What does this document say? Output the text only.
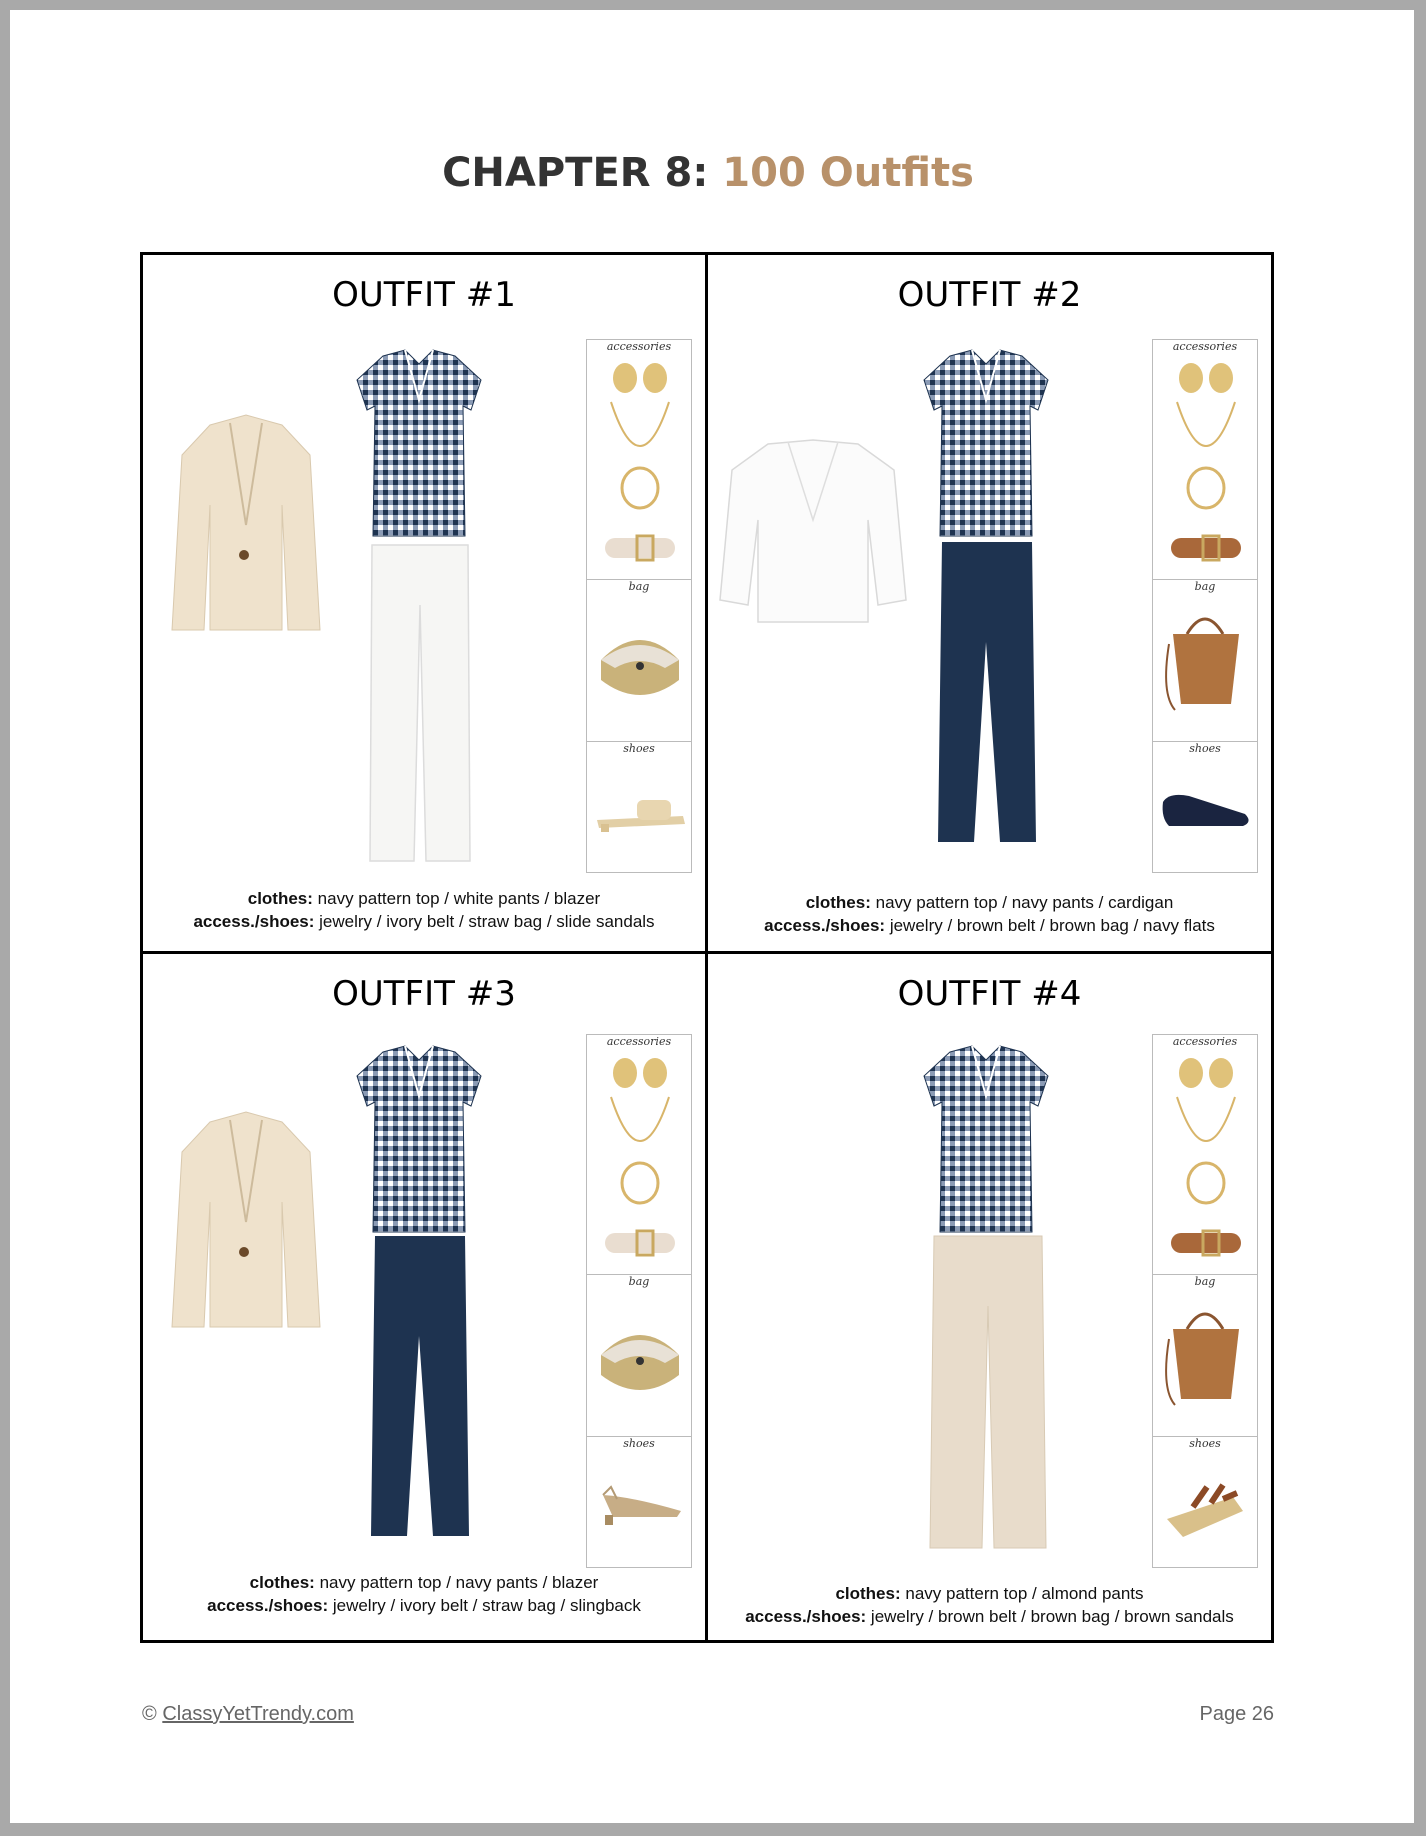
CHAPTER 8: 100 Outfits
OUTFIT #1
accessories
bag
shoes
clothes: navy pattern top / white pants / blazer
access./shoes: jewelry / ivory belt / straw bag / slide sandals
OUTFIT #2
accessories
bag
shoes
clothes: navy pattern top / navy pants / cardigan
access./shoes: jewelry / brown belt / brown bag / navy flats
OUTFIT #3
accessories
bag
shoes
clothes: navy pattern top / navy pants / blazer
access./shoes: jewelry / ivory belt / straw bag / slingback
OUTFIT #4
accessories
bag
shoes
clothes: navy pattern top / almond pants
access./shoes: jewelry / brown belt / brown bag / brown sandals
© ClassyYetTrendy.com	Page 26
